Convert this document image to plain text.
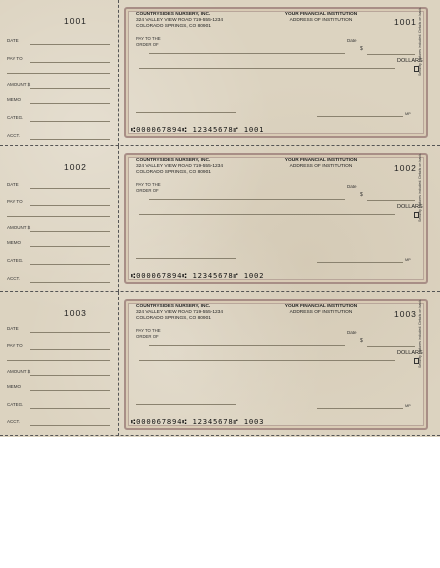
1001
DATE
PAY TO
AMOUNT $
MEMO
CATEG.
ACCT.
COUNTRYSIDES NURSERY, INC.
324 VALLEY VIEW ROAD 719-555-1234
COLORADO SPRINGS, CO 80901
YOUR FINANCIAL INSTITUTION
ADDRESS OF INSTITUTION	1001
Date
PAY TO THE ORDER OF
$
DOLLARS
Security features included. Details on back.
MP
⑆000067894⑆ 12345678⑈ 1001
1002
DATE
PAY TO
AMOUNT $
MEMO
CATEG.
ACCT.
COUNTRYSIDES NURSERY, INC.
324 VALLEY VIEW ROAD 719-555-1234
COLORADO SPRINGS, CO 80901
YOUR FINANCIAL INSTITUTION
ADDRESS OF INSTITUTION	1002
Date
PAY TO THE ORDER OF
$
DOLLARS
Security features included. Details on back.
MP
⑆000067894⑆ 12345678⑈ 1002
1003
DATE
PAY TO
AMOUNT $
MEMO
CATEG.
ACCT.
COUNTRYSIDES NURSERY, INC.
324 VALLEY VIEW ROAD 719-555-1234
COLORADO SPRINGS, CO 80901
YOUR FINANCIAL INSTITUTION
ADDRESS OF INSTITUTION	1003
Date
PAY TO THE ORDER OF
$
DOLLARS
Security features included. Details on back.
MP
⑆000067894⑆ 12345678⑈ 1003
